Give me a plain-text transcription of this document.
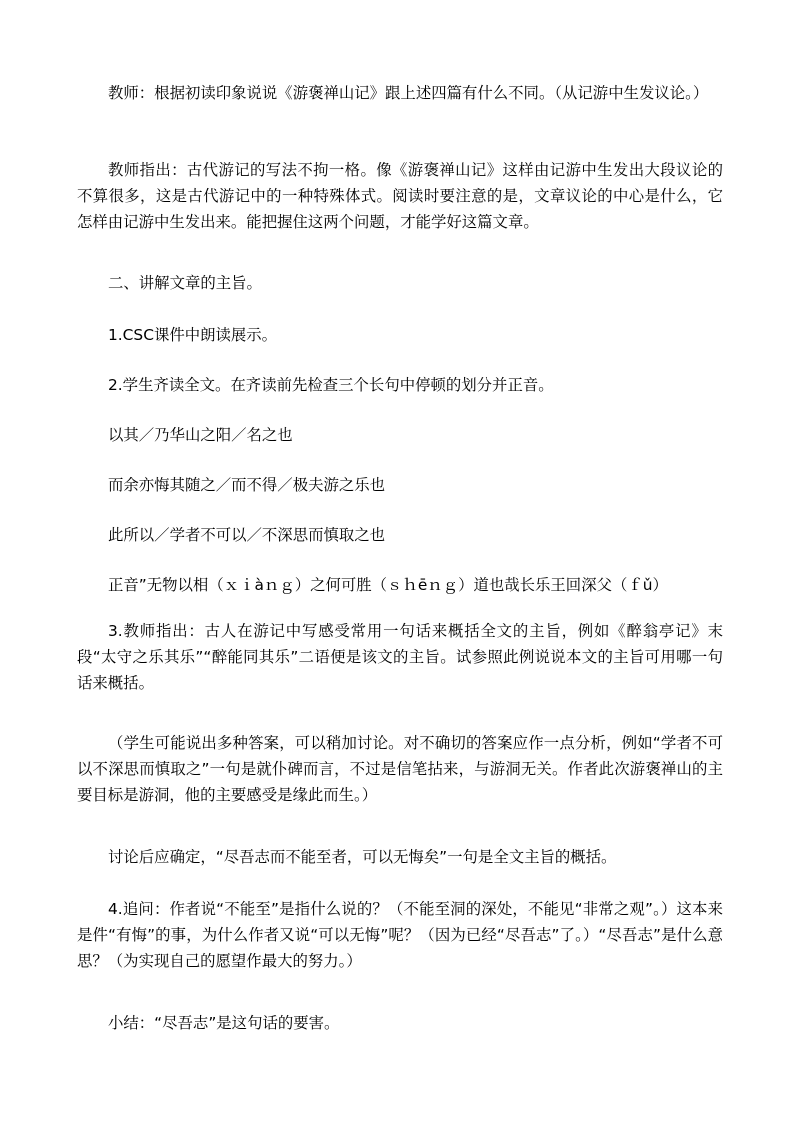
教师：根据初读印象说说《游褒禅山记》跟上述四篇有什么不同。（从记游中生发议论。）

教师指出：古代游记的写法不拘一格。像《游褒禅山记》这样由记游中生发出大段议论的不算很多，这是古代游记中的一种特殊体式。阅读时要注意的是，文章议论的中心是什么，它怎样由记游中生发出来。能把握住这两个问题，才能学好这篇文章。

二、讲解文章的主旨。

1.CSC课件中朗读展示。

2.学生齐读全文。在齐读前先检查三个长句中停顿的划分并正音。

以其／乃华山之阳／名之也

而余亦悔其随之／而不得／极夫游之乐也

此所以／学者不可以／不深思而慎取之也

正音”无物以相（ｘｉàｎｇ）之何可胜（ｓｈēｎｇ）道也哉长乐王回深父（ｆǔ）

3.教师指出：古人在游记中写感受常用一句话来概括全文的主旨，例如《醉翁亭记》末段“太守之乐其乐”“醉能同其乐”二语便是该文的主旨。试参照此例说说本文的主旨可用哪一句话来概括。

（学生可能说出多种答案，可以稍加讨论。对不确切的答案应作一点分析，例如“学者不可以不深思而慎取之”一句是就仆碑而言，不过是信笔拈来，与游洞无关。作者此次游褒禅山的主要目标是游洞，他的主要感受是缘此而生。）

讨论后应确定，“尽吾志而不能至者，可以无悔矣”一句是全文主旨的概括。

4.追问：作者说“不能至”是指什么说的？（不能至洞的深处，不能见“非常之观”。）这本来是件“有悔”的事，为什么作者又说“可以无悔”呢？（因为已经“尽吾志”了。）“尽吾志”是什么意思？（为实现自己的愿望作最大的努力。）

小结：“尽吾志”是这句话的要害。
